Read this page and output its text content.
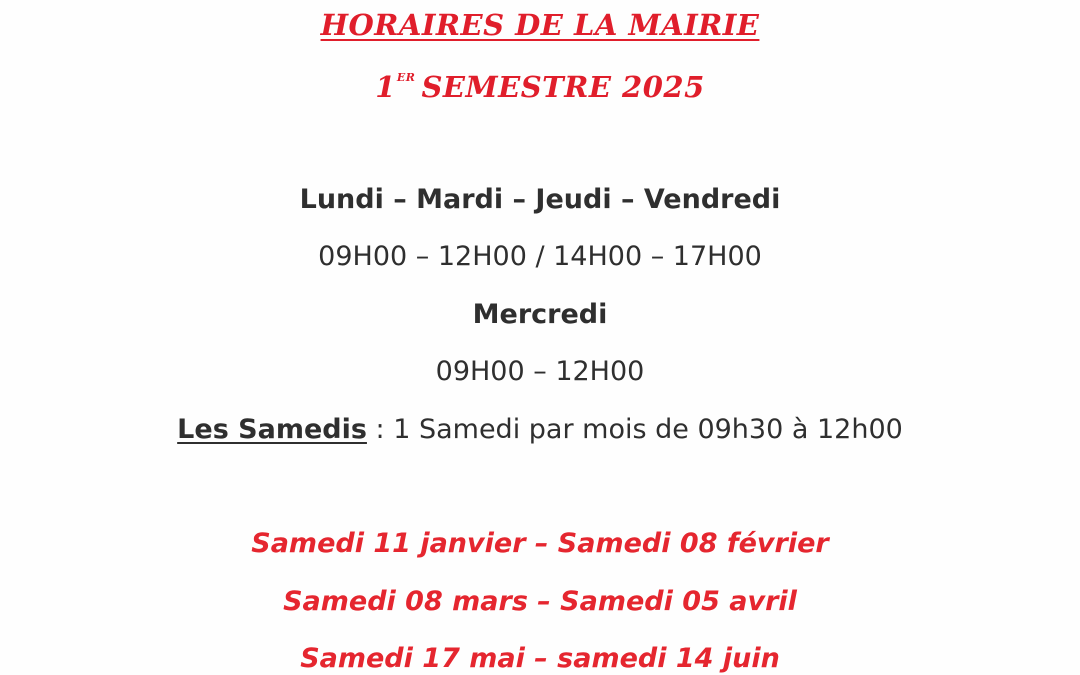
HORAIRES DE LA MAIRIE
1ER SEMESTRE 2025
Lundi – Mardi – Jeudi – Vendredi
09H00 – 12H00 / 14H00 – 17H00
Mercredi
09H00 – 12H00
Les Samedis : 1 Samedi par mois de 09h30 à 12h00
Samedi 11 janvier – Samedi 08 février
Samedi 08 mars – Samedi 05 avril
Samedi 17 mai – samedi 14 juin
